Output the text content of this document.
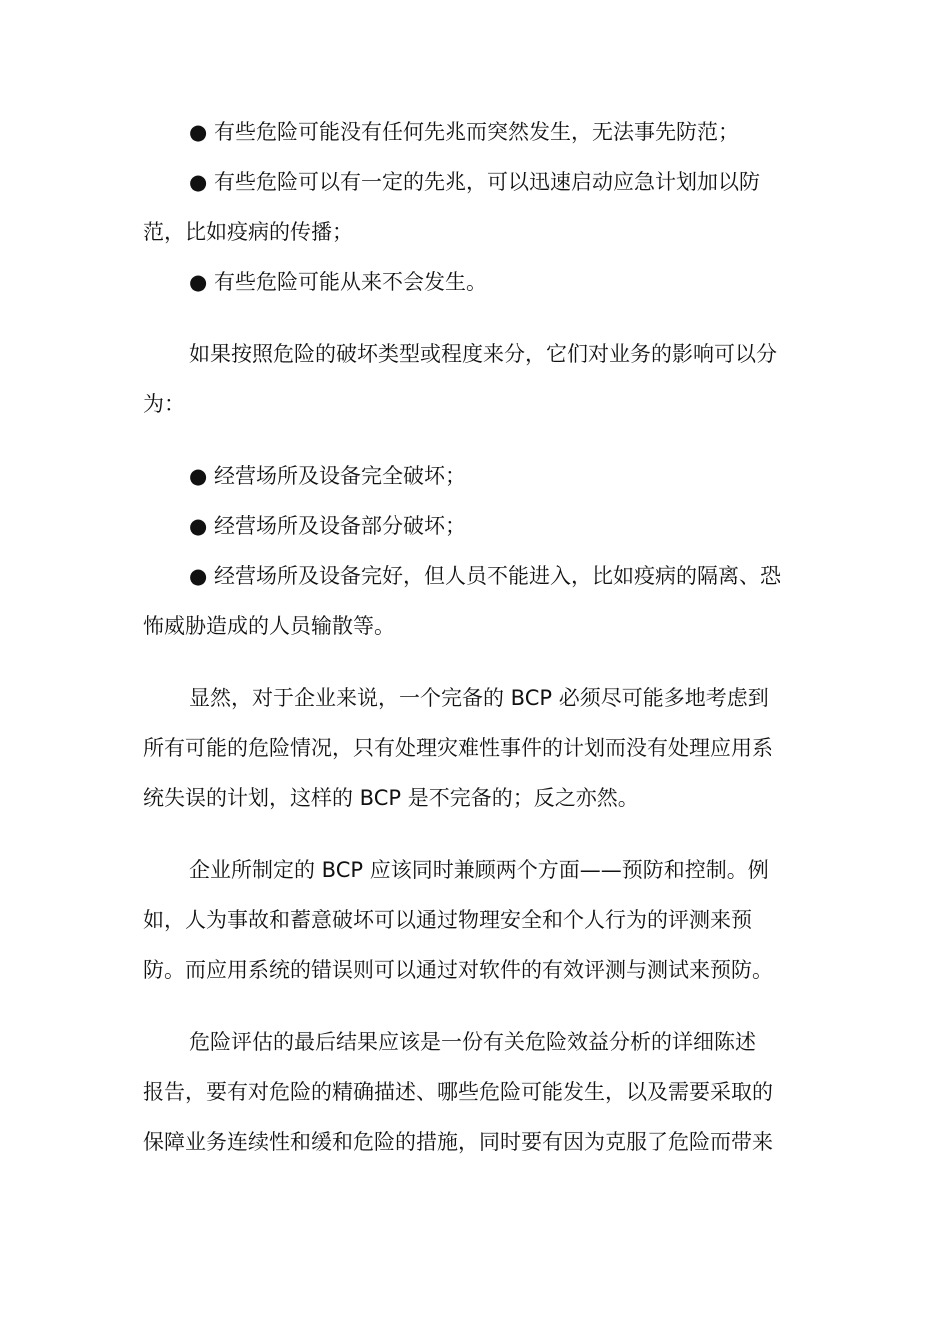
● 有些危险可能没有任何先兆而突然发生，无法事先防范；
● 有些危险可以有一定的先兆，可以迅速启动应急计划加以防
范，比如疫病的传播；
● 有些危险可能从来不会发生。
如果按照危险的破坏类型或程度来分，它们对业务的影响可以分
为：
● 经营场所及设备完全破坏；
● 经营场所及设备部分破坏；
● 经营场所及设备完好，但人员不能进入，比如疫病的隔离、恐
怖威胁造成的人员输散等。
显然，对于企业来说，一个完备的 BCP 必须尽可能多地考虑到
所有可能的危险情况，只有处理灾难性事件的计划而没有处理应用系
统失误的计划，这样的 BCP 是不完备的；反之亦然。
企业所制定的 BCP 应该同时兼顾两个方面——预防和控制。例
如，人为事故和蓄意破坏可以通过物理安全和个人行为的评测来预
防。而应用系统的错误则可以通过对软件的有效评测与测试来预防。
危险评估的最后结果应该是一份有关危险效益分析的详细陈述
报告，要有对危险的精确描述、哪些危险可能发生，以及需要采取的
保障业务连续性和缓和危险的措施，同时要有因为克服了危险而带来
